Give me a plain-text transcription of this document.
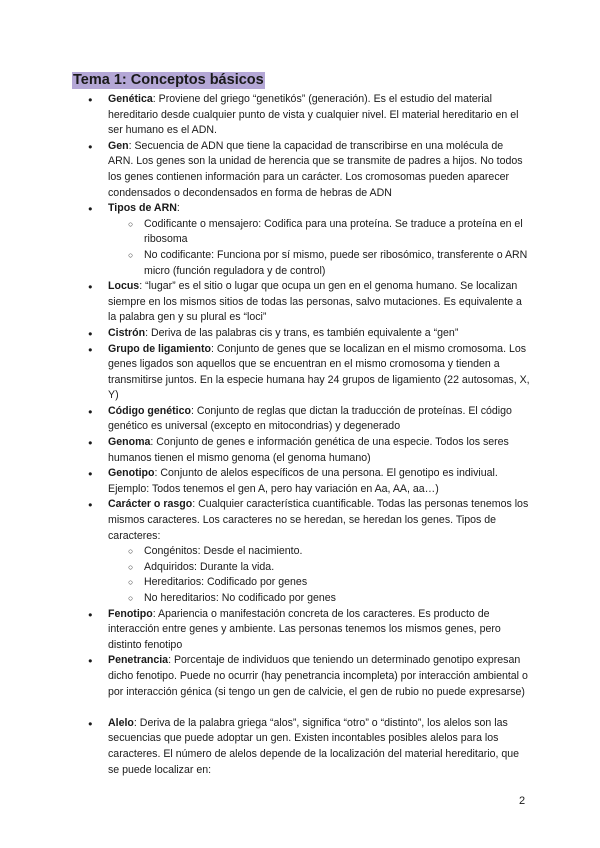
Tema 1: Conceptos básicos
● Genética: Proviene del griego “genetikós” (generación). Es el estudio del material hereditario desde cualquier punto de vista y cualquier nivel. El material hereditario en el ser humano es el ADN.
● Gen: Secuencia de ADN que tiene la capacidad de transcribirse en una molécula de ARN. Los genes son la unidad de herencia que se transmite de padres a hijos. No todos los genes contienen información para un carácter. Los cromosomas pueden aparecer condensados o decondensados en forma de hebras de ADN
● Tipos de ARN:
○ Codificante o mensajero: Codifica para una proteína. Se traduce a proteína en el ribosoma
○ No codificante: Funciona por sí mismo, puede ser ribosómico, transferente o ARN micro (función reguladora y de control)
● Locus: “lugar” es el sitio o lugar que ocupa un gen en el genoma humano. Se localizan siempre en los mismos sitios de todas las personas, salvo mutaciones. Es equivalente a la palabra gen y su plural es “loci”
● Cistrón: Deriva de las palabras cis y trans, es también equivalente a “gen”
● Grupo de ligamiento: Conjunto de genes que se localizan en el mismo cromosoma. Los genes ligados son aquellos que se encuentran en el mismo cromosoma y tienden a transmitirse juntos. En la especie humana hay 24 grupos de ligamiento (22 autosomas, X, Y)
● Código genético: Conjunto de reglas que dictan la traducción de proteínas. El código genético es universal (excepto en mitocondrias) y degenerado
● Genoma: Conjunto de genes e información genética de una especie. Todos los seres humanos tienen el mismo genoma (el genoma humano)
● Genotipo: Conjunto de alelos específicos de una persona. El genotipo es indiviual. Ejemplo: Todos tenemos el gen A, pero hay variación en Aa, AA, aa…)
● Carácter o rasgo: Cualquier característica cuantificable. Todas las personas tenemos los mismos caracteres. Los caracteres no se heredan, se heredan los genes. Tipos de caracteres:
○ Congénitos: Desde el nacimiento.
○ Adquiridos: Durante la vida.
○ Hereditarios: Codificado por genes
○ No hereditarios: No codificado por genes
● Fenotipo: Apariencia o manifestación concreta de los caracteres. Es producto de interacción entre genes y ambiente. Las personas tenemos los mismos genes, pero distinto fenotipo
● Penetrancia: Porcentaje de individuos que teniendo un determinado genotipo expresan dicho fenotipo. Puede no ocurrir (hay penetrancia incompleta) por interacción ambiental o por interacción génica (si tengo un gen de calvicie, el gen de rubio no puede expresarse)
● Alelo: Deriva de la palabra griega “alos”, significa “otro” o “distinto”, los alelos son las secuencias que puede adoptar un gen. Existen incontables posibles alelos para los caracteres. El número de alelos depende de la localización del material hereditario, que se puede localizar en:
2
